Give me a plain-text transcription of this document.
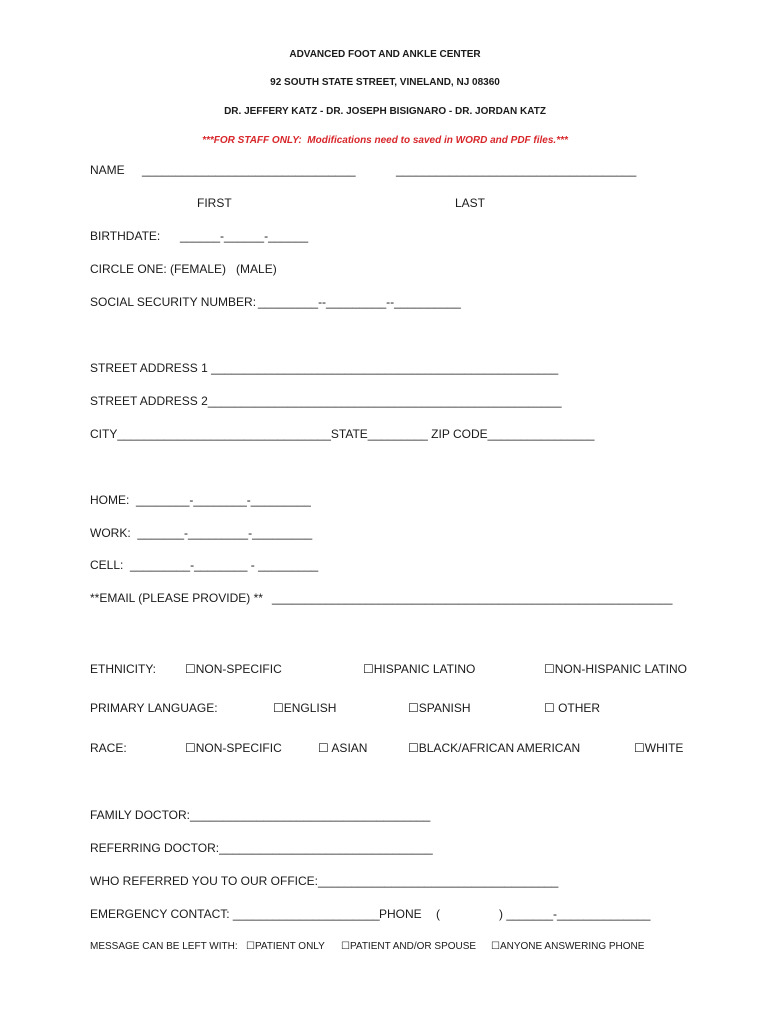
ADVANCED FOOT AND ANKLE CENTER
92 SOUTH STATE STREET, VINELAND, NJ 08360
DR. JEFFERY KATZ - DR. JOSEPH BISIGNARO - DR. JORDAN KATZ
***FOR STAFF ONLY:  Modifications need to saved in WORD and PDF files.***
NAME ________________________________	____________________________________
FIRST	LAST
BIRTHDATE: ______-______-______
CIRCLE ONE: (FEMALE)   (MALE)
SOCIAL SECURITY NUMBER: _________--_________--__________
STREET ADDRESS 1 ____________________________________________________
STREET ADDRESS 2_____________________________________________________
CITY________________________________STATE_________ ZIP CODE________________
HOME:  ________-________-_________
WORK:  _______-_________-_________
CELL:  _________-________ - _________
**EMAIL (PLEASE PROVIDE) ** ____________________________________________________________
ETHNICITY: ☐NON-SPECIFIC	☐HISPANIC LATINO	☐NON-HISPANIC LATINO
PRIMARY LANGUAGE:	☐ENGLISH	☐SPANISH	☐ OTHER
RACE:	☐NON-SPECIFIC	☐ ASIAN	☐BLACK/AFRICAN AMERICAN	☐WHITE
FAMILY DOCTOR:____________________________________
REFERRING DOCTOR:________________________________
WHO REFERRED YOU TO OUR OFFICE:____________________________________
EMERGENCY CONTACT: ______________________ PHONE (	) _______-______________
MESSAGE CAN BE LEFT WITH: ☐PATIENT ONLY ☐PATIENT AND/OR SPOUSE ☐ANYONE ANSWERING PHONE
